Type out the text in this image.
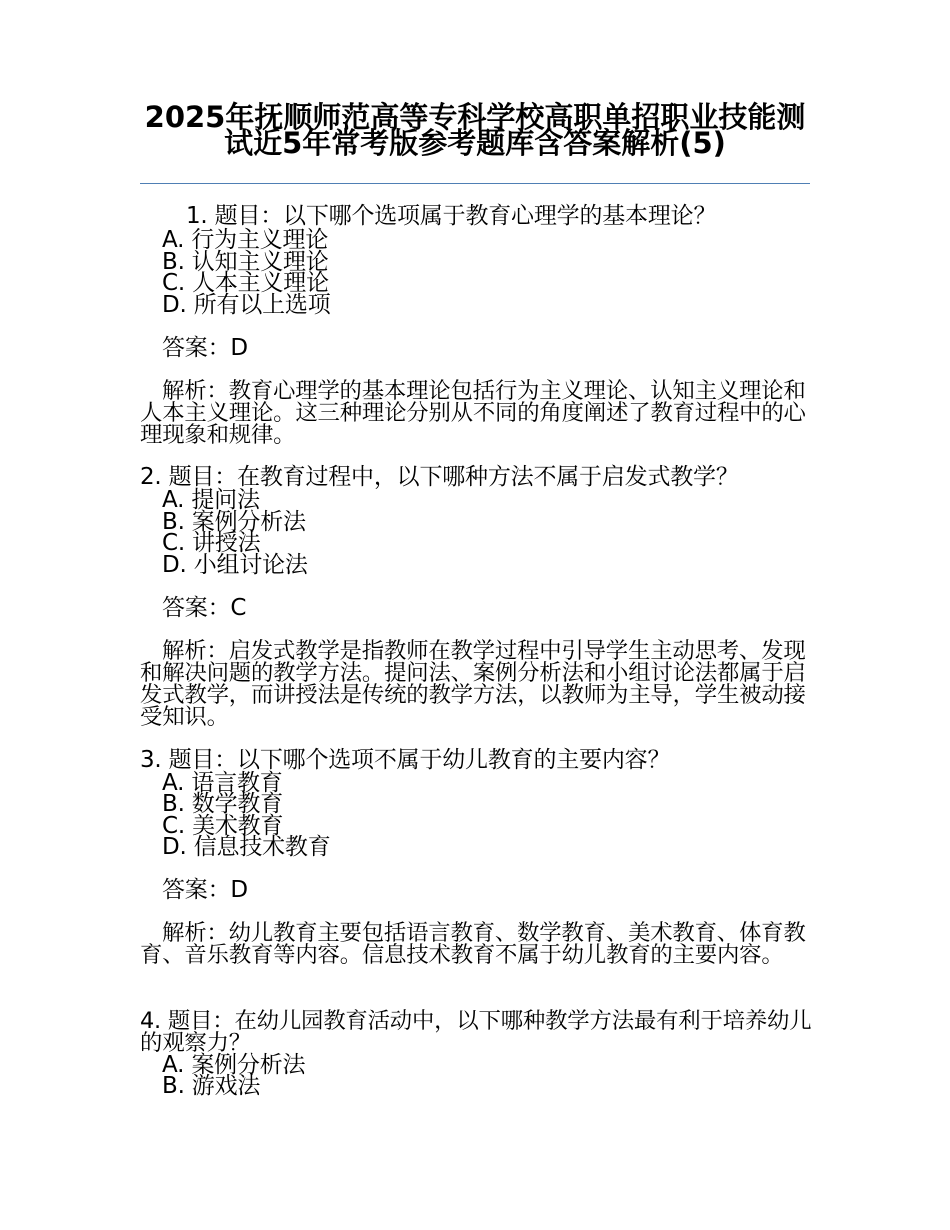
2025年抚顺师范高等专科学校高职单招职业技能测试近5年常考版参考题库含答案解析(5)
1. 题目：以下哪个选项属于教育心理学的基本理论？
A. 行为主义理论
B. 认知主义理论
C. 人本主义理论
D. 所有以上选项
答案：D
解析：教育心理学的基本理论包括行为主义理论、认知主义理论和人本主义理论。这三种理论分别从不同的角度阐述了教育过程中的心理现象和规律。
2. 题目：在教育过程中，以下哪种方法不属于启发式教学？
A. 提问法
B. 案例分析法
C. 讲授法
D. 小组讨论法
答案：C
解析：启发式教学是指教师在教学过程中引导学生主动思考、发现和解决问题的教学方法。提问法、案例分析法和小组讨论法都属于启发式教学，而讲授法是传统的教学方法，以教师为主导，学生被动接受知识。
3. 题目：以下哪个选项不属于幼儿教育的主要内容？
A. 语言教育
B. 数学教育
C. 美术教育
D. 信息技术教育
答案：D
解析：幼儿教育主要包括语言教育、数学教育、美术教育、体育教育、音乐教育等内容。信息技术教育不属于幼儿教育的主要内容。
4. 题目：在幼儿园教育活动中，以下哪种教学方法最有利于培养幼儿的观察力？
A. 案例分析法
B. 游戏法
